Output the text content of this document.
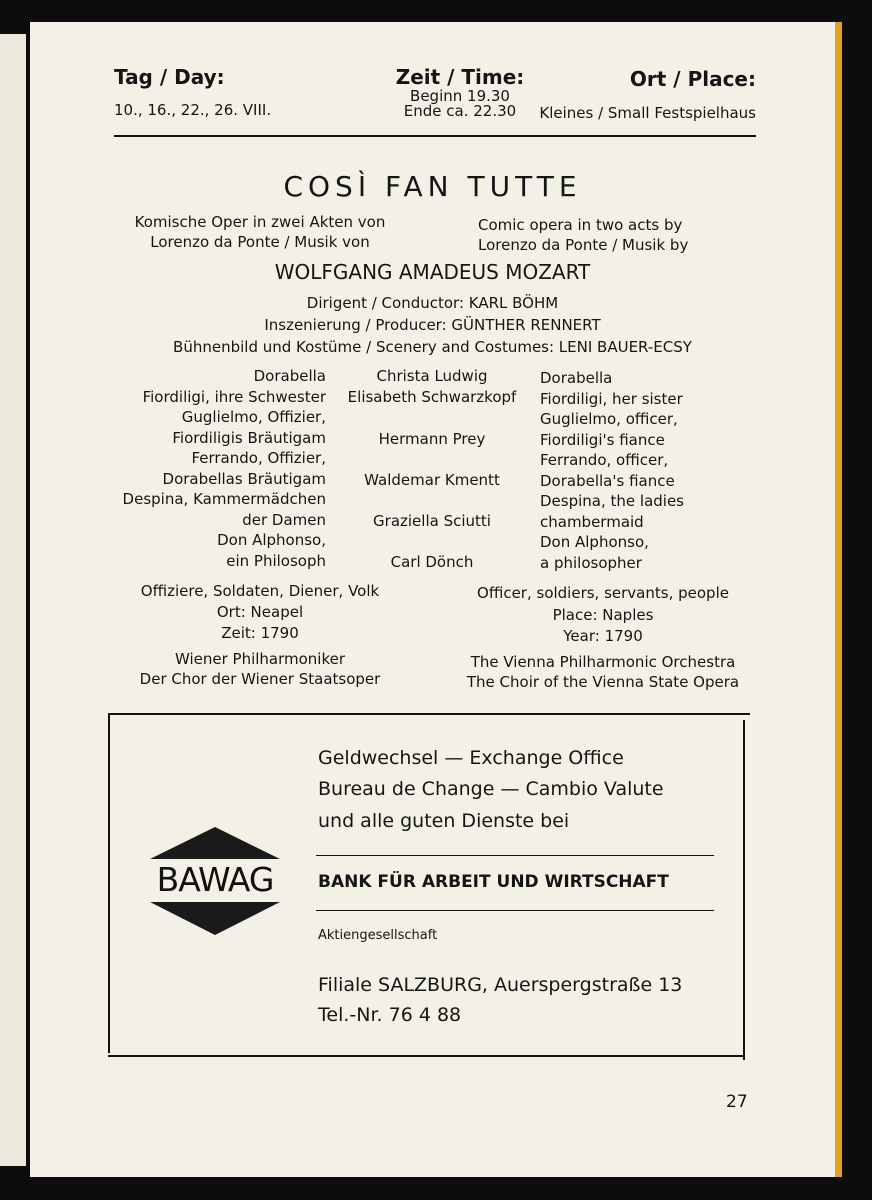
Tag / Day:
10., 16., 22., 26. VIII.
Zeit / Time:
Beginn 19.30
Ende ca. 22.30
Ort / Place:
Kleines / Small Festspielhaus
COSÌ FAN TUTTE
Komische Oper in zwei Akten von
Lorenzo da Ponte / Musik von
Comic opera in two acts by
Lorenzo da Ponte / Musik by
WOLFGANG AMADEUS MOZART
Dirigent / Conductor: KARL BÖHM
Inszenierung / Producer: GÜNTHER RENNERT
Bühnenbild und Kostüme / Scenery and Costumes: LENI BAUER-ECSY
Dorabella
Fiordiligi, ihre Schwester
Guglielmo, Offizier,
Fiordiligis Bräutigam
Ferrando, Offizier,
Dorabellas Bräutigam
Despina, Kammermädchen
der Damen
Don Alphonso,
ein Philosoph
Christa Ludwig
Elisabeth Schwarzkopf
Hermann Prey
Waldemar Kmentt
Graziella Sciutti
Carl Dönch
Dorabella
Fiordiligi, her sister
Guglielmo, officer,
Fiordiligi's fiance
Ferrando, officer,
Dorabella's fiance
Despina, the ladies
chambermaid
Don Alphonso,
a philosopher
Offiziere, Soldaten, Diener, Volk
Ort: Neapel
Zeit: 1790
Wiener Philharmoniker
Der Chor der Wiener Staatsoper
Officer, soldiers, servants, people
Place: Naples
Year: 1790
The Vienna Philharmonic Orchestra
The Choir of the Vienna State Opera
Geldwechsel — Exchange Office
Bureau de Change — Cambio Valute
und alle guten Dienste bei
BANK FÜR ARBEIT UND WIRTSCHAFT
Aktiengesellschaft
Filiale SALZBURG, Auerspergstraße 13
Tel.-Nr. 76 4 88
BAWAG
27
